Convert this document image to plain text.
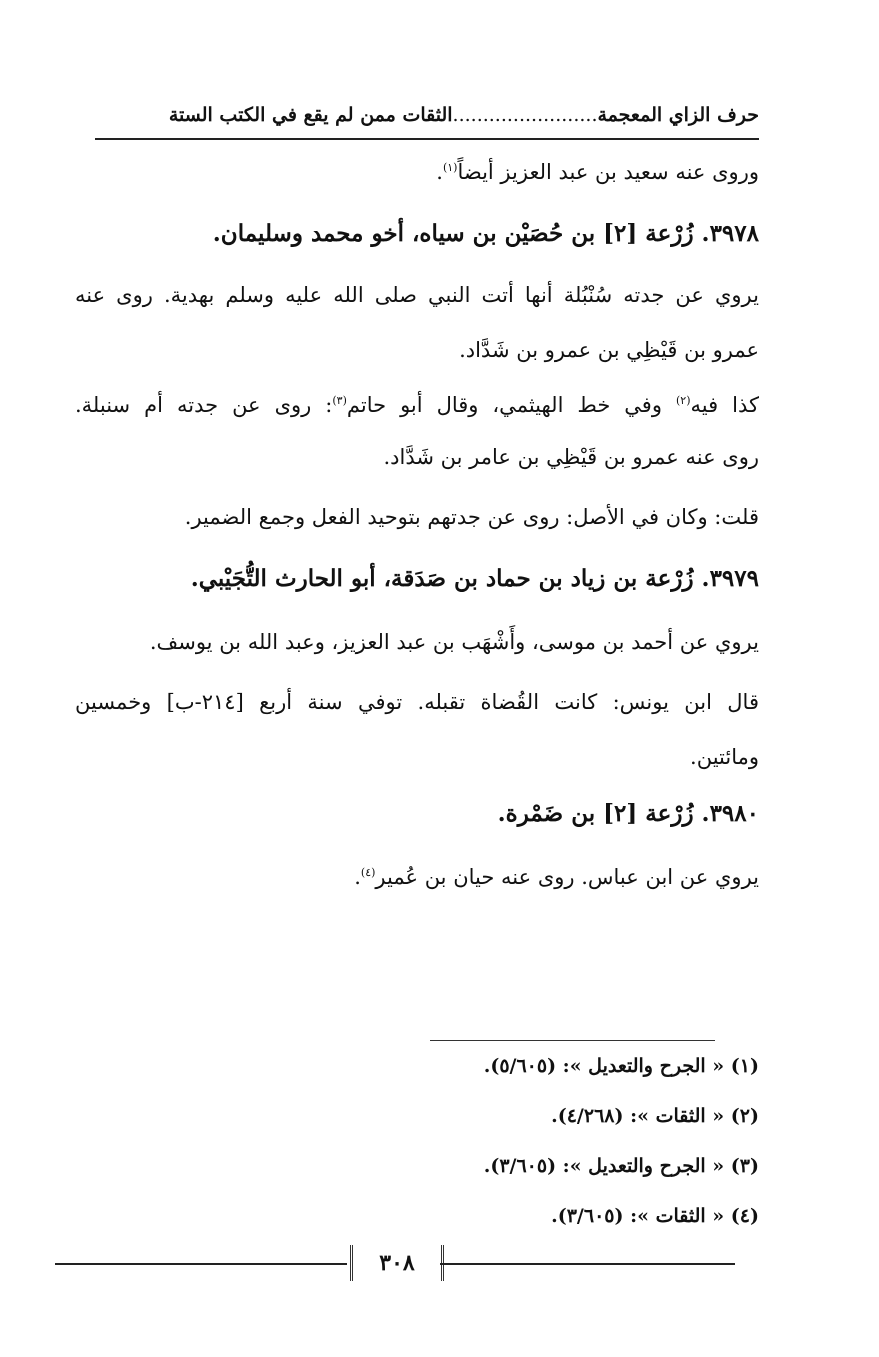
حرف الزاي المعجمة
........................
الثقات ممن لم يقع في الكتب الستة
وروى عنه سعيد بن عبد العزيز أيضاً$^{(١)}$.
٣٩٧٨. زُرْعة [٢] بن حُصَيْن بن سياه، أخو محمد وسليمان.
يروي عن جدته سُنْبُلة أنها أتت النبي صلى الله عليه وسلم بهدية. روى عنه
عمرو بن قَيْظِي بن عمرو بن شَدَّاد.
كذا فيه$^{(٢)}$ وفي خط الهيثمي، وقال أبو حاتم$^{(٣)}$: روى عن جدته أم سنبلة.
روى عنه عمرو بن قَيْظِي بن عامر بن شَدَّاد.
قلت: وكان في الأصل: روى عن جدتهم بتوحيد الفعل وجمع الضمير.
٣٩٧٩. زُرْعة بن زياد بن حماد بن صَدَقة، أبو الحارث التُّجَيْبي.
يروي عن أحمد بن موسى، وأَشْهَب بن عبد العزيز، وعبد الله بن يوسف.
قال ابن يونس: كانت القُضاة تقبله. توفي سنة أربع [٢١٤-ب] وخمسين
ومائتين.
٣٩٨٠. زُرْعة [٢] بن ضَمْرة.
يروي عن ابن عباس. روى عنه حيان بن عُمير$^{(٤)}$.
(١) « الجرح والتعديل »: (٥/٦٠٥).
(٢) « الثقات »: (٤/٢٦٨).
(٣) « الجرح والتعديل »: (٣/٦٠٥).
(٤) « الثقات »: (٣/٦٠٥).
٣٠٨
